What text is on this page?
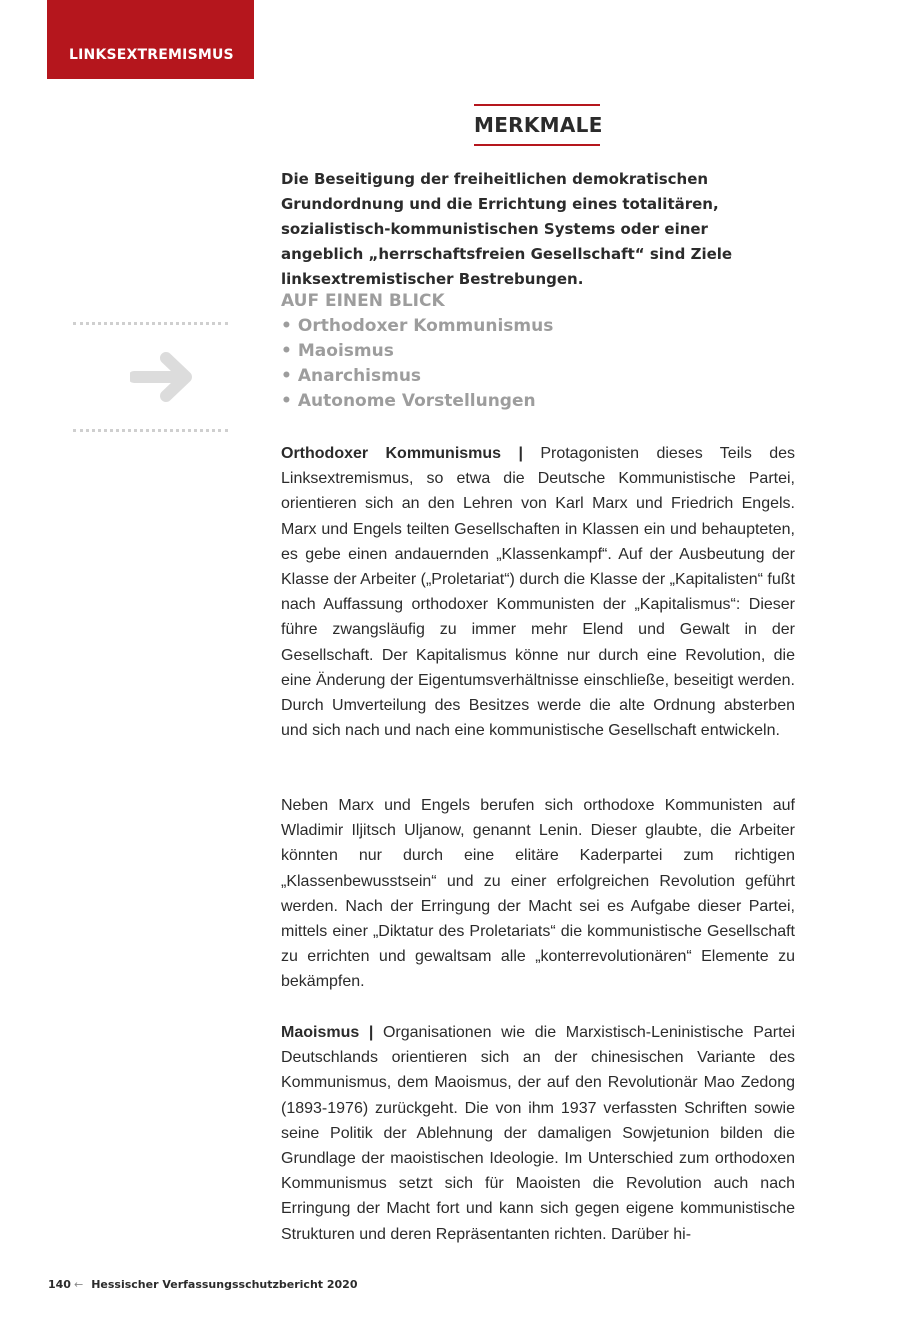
LINKSEXTREMISMUS
MERKMALE

Die Beseitigung der freiheitlichen demokratischen Grundordnung und die Errichtung eines totalitären, sozialistisch-kommunistischen Systems oder einer angeblich „herrschaftsfreien Gesellschaft“ sind Ziele linksextremistischer Bestrebungen.

AUF EINEN BLICK
• Orthodoxer Kommunismus
• Maoismus
• Anarchismus
• Autonome Vorstellungen

Orthodoxer Kommunismus | Protagonisten dieses Teils des Linksextremismus, so etwa die Deutsche Kommunistische Partei, orientieren sich an den Lehren von Karl Marx und Friedrich Engels. Marx und Engels teilten Gesellschaften in Klassen ein und behaupteten, es gebe einen andauernden „Klassenkampf“. Auf der Ausbeutung der Klasse der Arbeiter („Proletariat“) durch die Klasse der „Kapitalisten“ fußt nach Auffassung orthodoxer Kommunisten der „Kapitalismus“: Dieser führe zwangsläufig zu immer mehr Elend und Gewalt in der Gesellschaft. Der Kapitalismus könne nur durch eine Revolution, die eine Änderung der Eigentumsverhältnisse einschließe, beseitigt werden. Durch Umverteilung des Besitzes werde die alte Ordnung absterben und sich nach und nach eine kommunistische Gesellschaft entwickeln.

Neben Marx und Engels berufen sich orthodoxe Kommunisten auf Wladimir Iljitsch Uljanow, genannt Lenin. Dieser glaubte, die Arbeiter könnten nur durch eine elitäre Kaderpartei zum richtigen „Klassenbewusstsein“ und zu einer erfolgreichen Revolution geführt werden. Nach der Erringung der Macht sei es Aufgabe dieser Partei, mittels einer „Diktatur des Proletariats“ die kommunistische Gesellschaft zu errichten und gewaltsam alle „konterrevolutionären“ Elemente zu bekämpfen.

Maoismus | Organisationen wie die Marxistisch-Leninistische Partei Deutschlands orientieren sich an der chinesischen Variante des Kommunismus, dem Maoismus, der auf den Revolutionär Mao Zedong (1893-1976) zurückgeht. Die von ihm 1937 verfassten Schriften sowie seine Politik der Ablehnung der damaligen Sowjetunion bilden die Grundlage der maoistischen Ideologie. Im Unterschied zum orthodoxen Kommunismus setzt sich für Maoisten die Revolution auch nach Erringung der Macht fort und kann sich gegen eigene kommunistische Strukturen und deren Repräsentanten richten. Darüber hi-

140 ← Hessischer Verfassungsschutzbericht 2020
